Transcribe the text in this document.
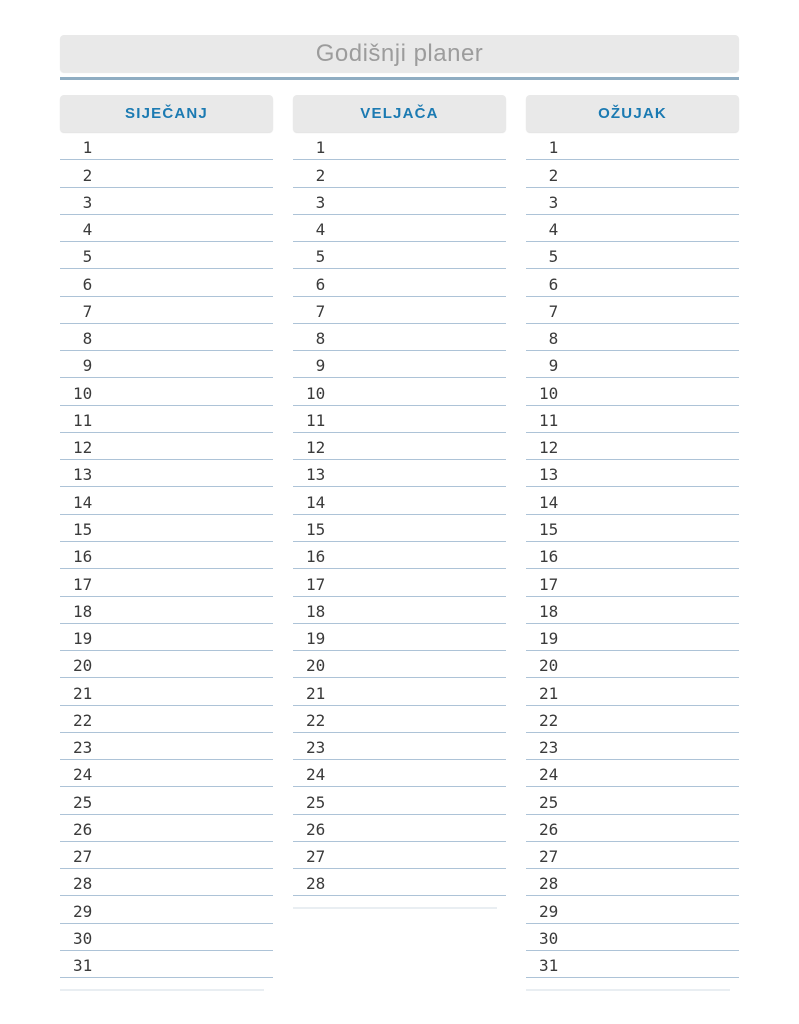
Godišnji planer
SIJEČANJ
1
2
3
4
5
6
7
8
9
10
11
12
13
14
15
16
17
18
19
20
21
22
23
24
25
26
27
28
29
30
31
VELJAČA
1
2
3
4
5
6
7
8
9
10
11
12
13
14
15
16
17
18
19
20
21
22
23
24
25
26
27
28
OŽUJAK
1
2
3
4
5
6
7
8
9
10
11
12
13
14
15
16
17
18
19
20
21
22
23
24
25
26
27
28
29
30
31
